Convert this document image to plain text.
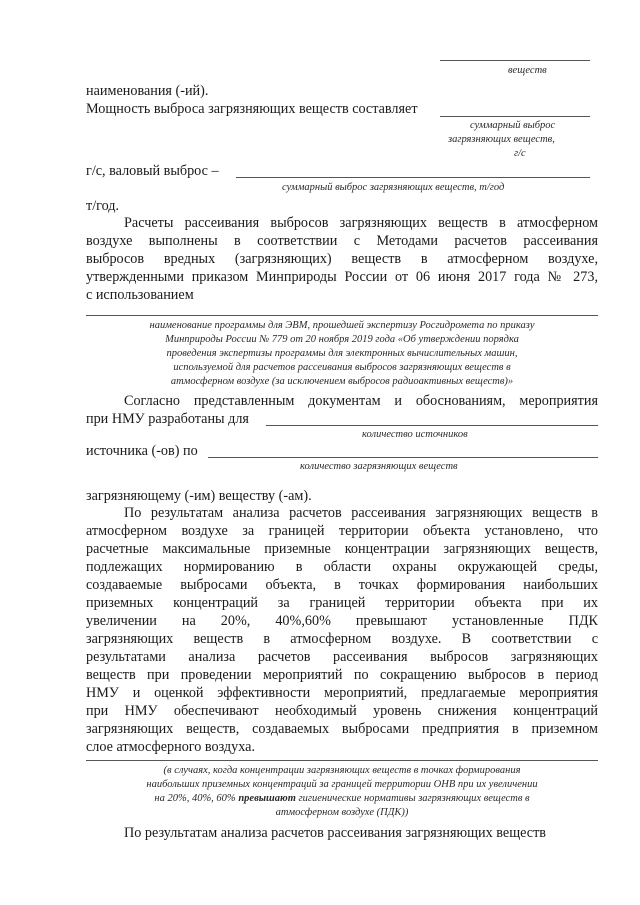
веществ
наименования (-ий).
Мощность выброса загрязняющих веществ составляет
суммарный выброс
загрязняющих веществ,
г/с
г/с, валовый выброс –
суммарный выброс загрязняющих веществ, т/год
т/год.
Расчеты рассеивания выбросов загрязняющих веществ в атмосферном
воздухе выполнены в соответствии с Методами расчетов рассеивания
выбросов вредных (загрязняющих) веществ в атмосферном воздухе,
утвержденными приказом Минприроды России от 06 июня 2017 года № 273,
с использованием
наименование программы для ЭВМ, прошедшей экспертизу Росгидромета по приказу
Минприроды России № 779 от 20 ноября 2019 года «Об утверждении порядка
проведения экспертизы программы для электронных вычислительных машин,
используемой для расчетов рассеивания выбросов загрязняющих веществ в
атмосферном воздухе (за исключением выбросов радиоактивных веществ)»
Согласно представленным документам и обоснованиям, мероприятия
при НМУ разработаны для
количество источников
источника (-ов) по
количество загрязняющих веществ
загрязняющему (-им) веществу (-ам).
По результатам анализа расчетов рассеивания загрязняющих веществ в
атмосферном воздухе за границей территории объекта установлено, что
расчетные максимальные приземные концентрации загрязняющих веществ,
подлежащих нормированию в области охраны окружающей среды,
создаваемые выбросами объекта, в точках формирования наибольших
приземных концентраций за границей территории объекта при их
увеличении на 20%, 40%,60% превышают установленные ПДК
загрязняющих веществ в атмосферном воздухе. В соответствии с
результатами анализа расчетов рассеивания выбросов загрязняющих
веществ при проведении мероприятий по сокращению выбросов в период
НМУ и оценкой эффективности мероприятий, предлагаемые мероприятия
при НМУ обеспечивают необходимый уровень снижения концентраций
загрязняющих веществ, создаваемых выбросами предприятия в приземном
слое атмосферного воздуха.
(в случаях, когда концентрации загрязняющих веществ в точках формирования
наибольших приземных концентраций за границей территории ОНВ при их увеличении
на 20%, 40%, 60% превышают гигиенические нормативы загрязняющих веществ в
атмосферном воздухе (ПДК))
По результатам анализа расчетов рассеивания загрязняющих веществ
